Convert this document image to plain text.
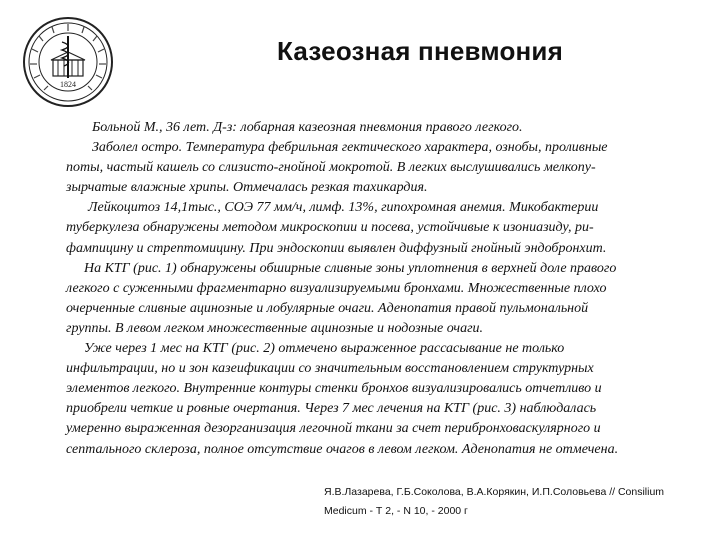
1824
Казеозная пневмония
Больной М., 36 лет. Д-з: лобарная казеозная пневмония правого легкого.
Заболел остро. Температура фебрильная гектического характера, ознобы, проливные
поты, частый кашель со слизисто-гнойной мокротой. В легких выслушивались мелкопу-
зырчатые влажные хрипы. Отмечалась резкая тахикардия.
Лейкоцитоз 14,1тыс., СОЭ 77 мм/ч, лимф. 13%, гипохромная анемия. Микобактерии
туберкулеза обнаружены методом микроскопии и посева, устойчивые к изониазиду, ри-
фампицину и стрептомицину. При эндоскопии выявлен диффузный гнойный эндобронхит.
На КТГ (рис. 1) обнаружены обширные сливные зоны уплотнения в верхней доле правого
легкого с суженными фрагментарно визуализируемыми бронхами. Множественные плохо
очерченные сливные ацинозные и лобулярные очаги. Аденопатия правой пульмональной
группы. В левом легком множественные ацинозные и нодозные очаги.
Уже через 1 мес на КТГ (рис. 2) отмечено выраженное рассасывание не только
инфильтрации, но и зон казеификации со значительным восстановлением структурных
элементов легкого. Внутренние контуры стенки бронхов визуализировались отчетливо и
приобрели четкие и ровные очертания. Через 7 мес лечения на КТГ (рис. 3) наблюдалась
умеренно выраженная дезорганизация легочной ткани за счет перибронховаскулярного и
септального склероза, полное отсутствие очагов в левом легком. Аденопатия не отмечена.
Я.В.Лазарева, Г.Б.Соколова, В.А.Корякин, И.П.Соловьева // Consilium
Medicum - Т 2, - N 10, - 2000 г
